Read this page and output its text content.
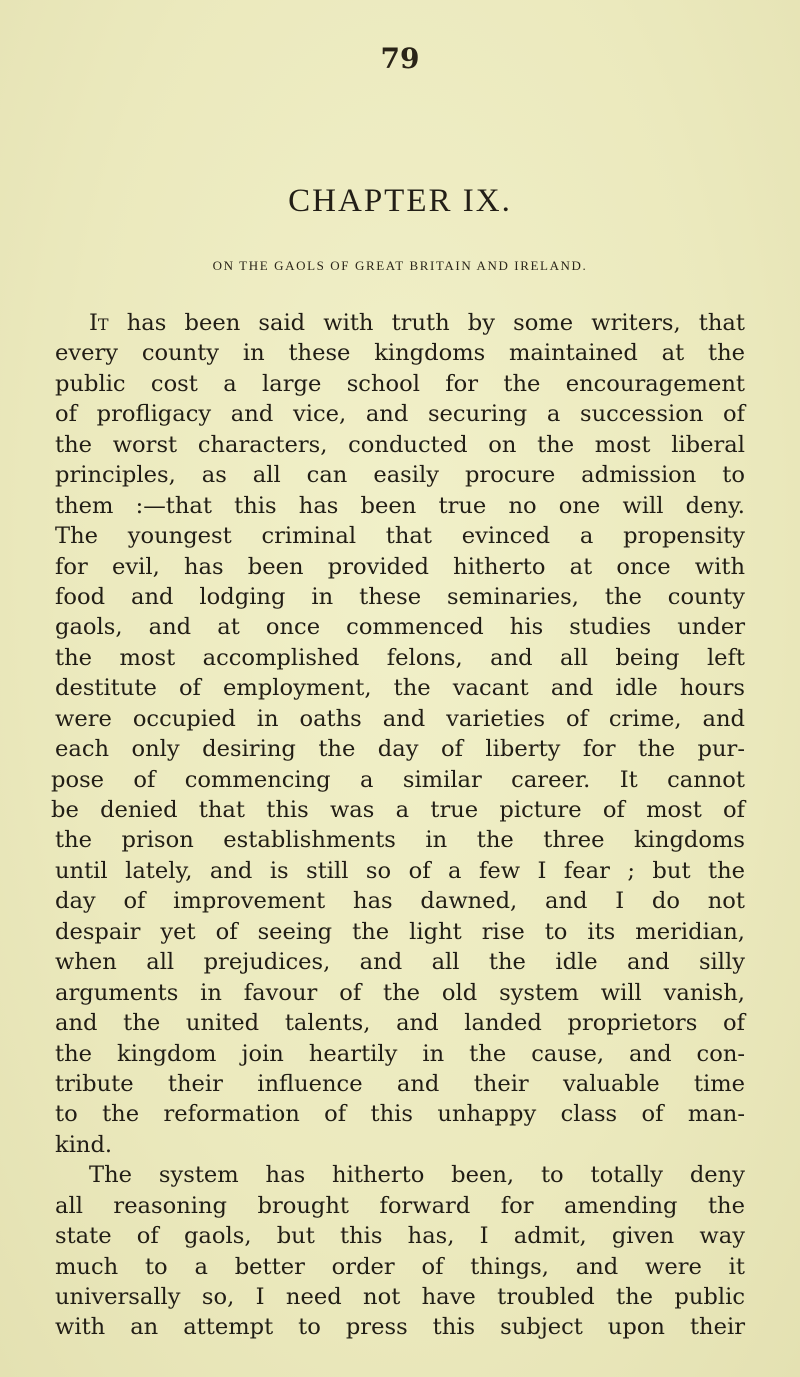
79
CHAPTER IX.
ON THE GAOLS OF GREAT BRITAIN AND IRELAND.
It has been said with truth by some writers, that
every county in these kingdoms maintained at the
public cost a large school for the encouragement
of profligacy and vice, and securing a succession of
the worst characters, conducted on the most liberal
principles, as all can easily procure admission to
them :—that this has been true no one will deny.
The youngest criminal that evinced a propensity
for evil, has been provided hitherto at once with
food and lodging in these seminaries, the county
gaols, and at once commenced his studies under
the most accomplished felons, and all being left
destitute of employment, the vacant and idle hours
were occupied in oaths and varieties of crime, and
each only desiring the day of liberty for the pur-
pose of commencing a similar career. It cannot
be denied that this was a true picture of most of
the prison establishments in the three kingdoms
until lately, and is still so of a few I fear ; but the
day of improvement has dawned, and I do not
despair yet of seeing the light rise to its meridian,
when all prejudices, and all the idle and silly
arguments in favour of the old system will vanish,
and the united talents, and landed proprietors of
the kingdom join heartily in the cause, and con-
tribute their influence and their valuable time
to the reformation of this unhappy class of man-
kind.
The system has hitherto been, to totally deny
all reasoning brought forward for amending the
state of gaols, but this has, I admit, given way
much to a better order of things, and were it
universally so, I need not have troubled the public
with an attempt to press this subject upon their
